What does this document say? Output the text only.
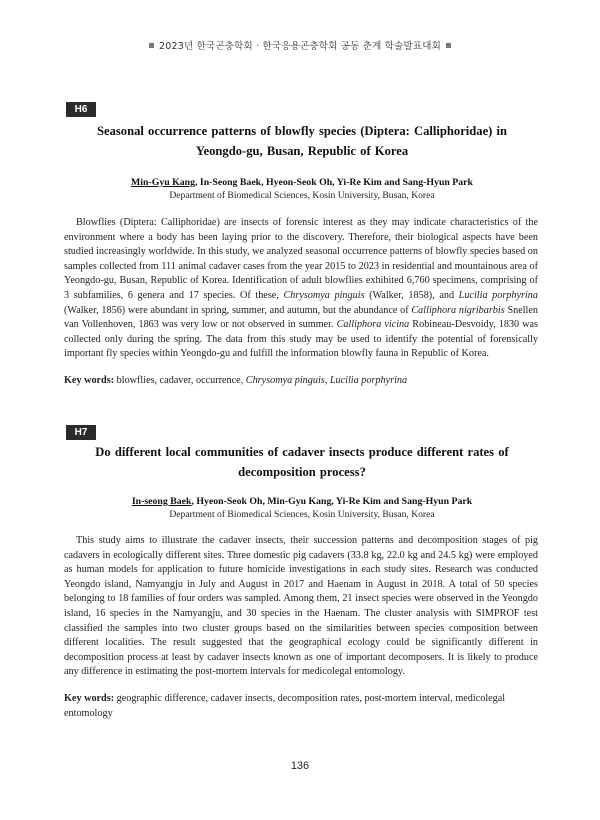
2023년 한국곤충학회 · 한국응용곤충학회 공동 춘계 학술발표대회
H6
Seasonal occurrence patterns of blowfly species (Diptera: Calliphoridae) in
Yeongdo-gu, Busan, Republic of Korea
Min-Gyu Kang, In-Seong Baek, Hyeon-Seok Oh, Yi-Re Kim and Sang-Hyun Park
Department of Biomedical Sciences, Kosin University, Busan, Korea
Blowflies (Diptera: Calliphoridae) are insects of forensic interest as they may indicate characteristics of the environment where a body has been laying prior to the discovery. Therefore, their biological aspects have been studied increasingly worldwide. In this study, we analyzed seasonal occurrence patterns of blowfly species based on samples collected from 111 animal cadaver cases from the year 2015 to 2023 in residential and mountainous area of Yeongdo-gu, Busan, Republic of Korea. Identification of adult blowflies exhibited 6,760 specimens, comprising of 3 subfamilies, 6 genera and 17 species. Of these, Chrysomya pinguis (Walker, 1858), and Lucilia porphyrina (Walker, 1856) were abundant in spring, summer, and autumn, but the abundance of Calliphora nigribarbis Snellen van Vollenhoven, 1863 was very low or not observed in summer. Calliphora vicina Robineau-Desvoidy, 1830 was collected only during the spring. The data from this study may be used to identify the potential of forensically important fly species within Yeongdo-gu and fulfill the information blowfly fauna in Republic of Korea.
Key words: blowflies, cadaver, occurrence, Chrysomya pinguis, Lucilia porphyrina
H7
Do different local communities of cadaver insects produce different rates of
decomposition process?
In-seong Baek, Hyeon-Seok Oh, Min-Gyu Kang, Yi-Re Kim and Sang-Hyun Park
Department of Biomedical Sciences, Kosin University, Busan, Korea
This study aims to illustrate the cadaver insects, their succession patterns and decomposition stages of pig cadavers in ecologically different sites. Three domestic pig cadavers (33.8 kg, 22.0 kg and 24.5 kg) were employed as human models for application to future homicide investigations in each study sites. Research was conducted Yeongdo island, Namyangju in July and August in 2017 and Haenam in August in 2018. A total of 50 species belonging to 18 families of four orders was sampled. Among them, 21 insect species were observed in the Yeongdo island, 16 species in the Namyangju, and 30 species in the Haenam. The cluster analysis with SIMPROF test classified the samples into two cluster groups based on the similarities between species composition between different localities. The result suggested that the geographical ecology could be significantly different in decomposition process at least by cadaver insects known as one of important decomposers. It is likely to produce any difference in estimating the post-mortem intervals for medicolegal entomology.
Key words: geographic difference, cadaver insects, decomposition rates, post-mortem interval, medicolegal entomology
136
